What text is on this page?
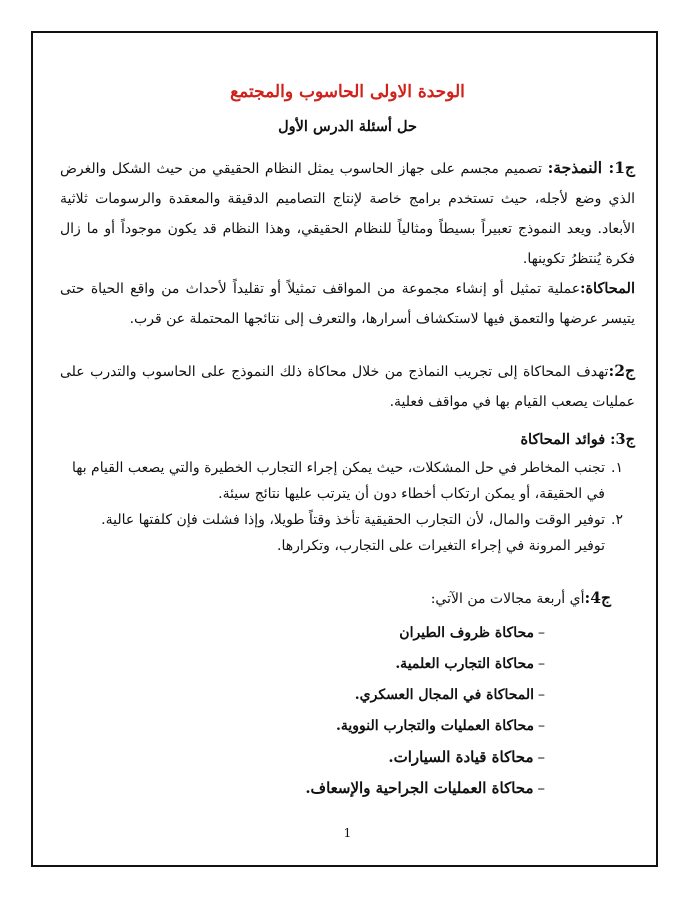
الوحدة الاولى الحاسوب والمجتمع
حل أسئلة الدرس الأول

ج1: النمذجة: تصميم مجسم على جهاز الحاسوب يمثل النظام الحقيقي من حيث الشكل والغرض الذي وضع لأجله، حيث تستخدم برامج خاصة لإنتاج التصاميم الدقيقة والمعقدة والرسومات ثلاثية الأبعاد. ويعد النموذج تعبيراً بسيطاً ومثالياً للنظام الحقيقي، وهذا النظام قد يكون موجوداً أو ما زال فكرة يُنتظرُ تكوينها.

المحاكاة:عملية تمثيل أو إنشاء مجموعة من المواقف تمثيلاً أو تقليداً لأحداث من واقع الحياة حتى يتيسر عرضها والتعمق فيها لاستكشاف أسرارها، والتعرف إلى نتائجها المحتملة عن قرب.

ج2:تهدف المحاكاة إلى تجريب النماذج من خلال محاكاة ذلك النموذج على الحاسوب والتدرب على عمليات يصعب القيام بها في مواقف فعلية.

ج3: فوائد المحاكاة

١.
تجنب المخاطر في حل المشكلات، حيث يمكن إجراء التجارب الخطيرة والتي يصعب القيام بها في الحقيقة، أو يمكن ارتكاب أخطاء دون أن يترتب عليها نتائج سيئة.
٢.
توفير الوقت والمال، لأن التجارب الحقيقية تأخذ وقتاً طويلا، وإذا فشلت فإن كلفتها عالية.

توفير المرونة في إجراء التغيرات على التجارب، وتكرارها.

ج4:أي أربعة مجالات من الآتي:

–محاكاة ظروف الطيران
–محاكاة التجارب العلمية.
–المحاكاة في المجال العسكري.
–محاكاة العمليات والتجارب النووية.
–محاكاة قيادة السيارات.
–محاكاة العمليات الجراحية والإسعاف.
1
